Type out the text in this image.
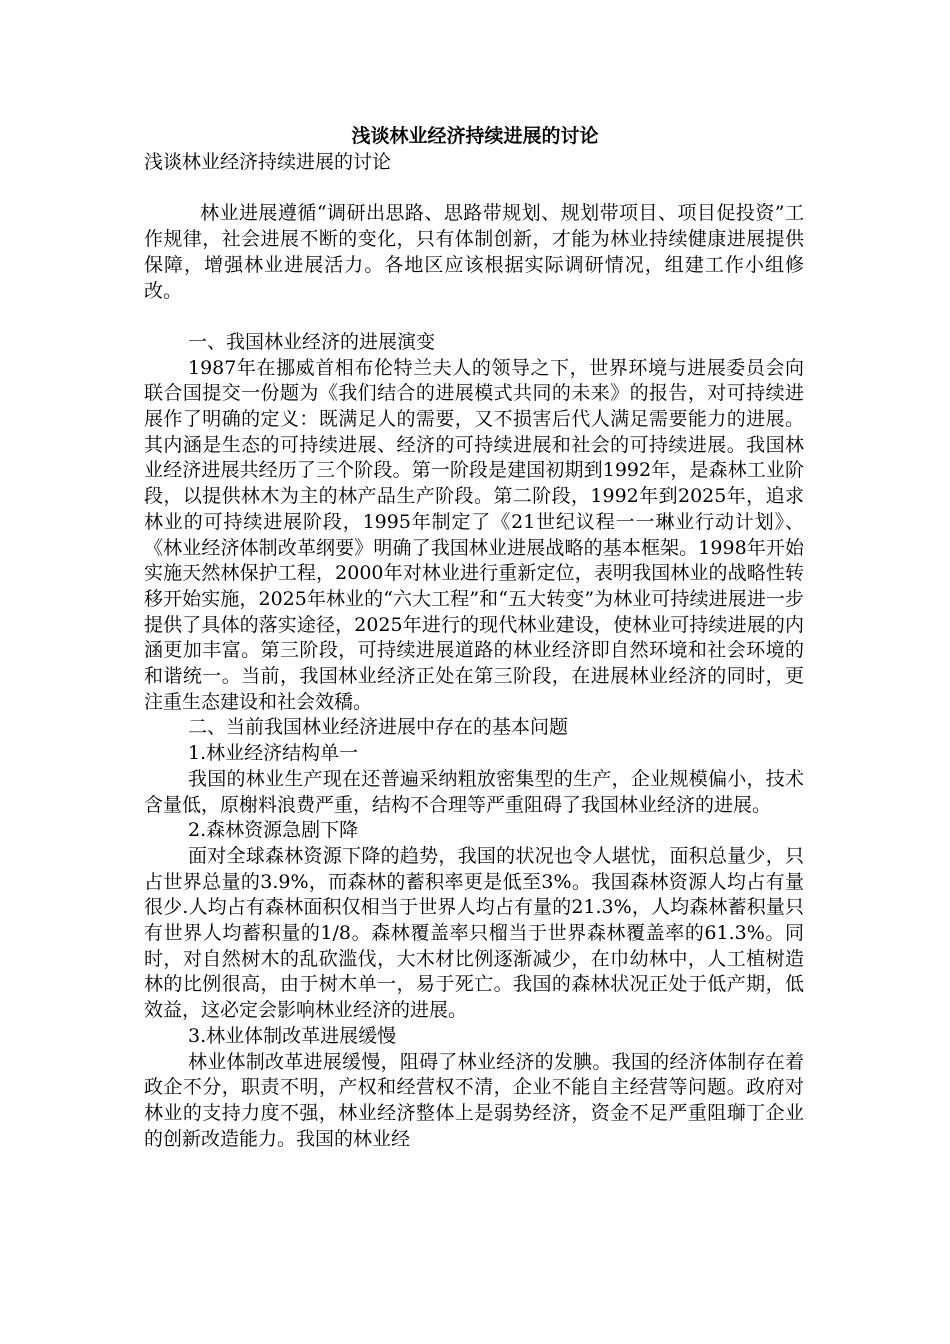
浅谈林业经济持续进展的讨论

浅谈林业经济持续进展的讨论

林业进展遵循“调研出思路、思路带规划、规划带项目、项目促投资”工作规律，社会进展不断的变化，只有体制创新，才能为林业持续健康进展提供保障，增强林业进展活力。各地区应该根据实际调研情况，组建工作小组修改。

一、我国林业经济的进展演变

1987年在挪威首相布伦特兰夫人的领导之下，世界环境与进展委员会向联合国提交一份题为《我们结合的进展模式共同的未来》的报告，对可持续进展作了明确的定义：既满足人的需要，又不损害后代人满足需要能力的进展。其内涵是生态的可持续进展、经济的可持续进展和社会的可持续进展。我国林业经济进展共经历了三个阶段。第一阶段是建国初期到1992年，是森林工业阶段，以提供林木为主的林产品生产阶段。第二阶段，1992年到2025年，追求林业的可持续进展阶段，1995年制定了《21世纪议程一一琳业行动计划》、《林业经济体制改革纲要》明确了我国林业进展战略的基本框架。1998年开始实施天然林保护工程，2000年对林业进行重新定位，表明我国林业的战略性转移开始实施，2025年林业的“六大工程”和“五大转变”为林业可持续进展进一步提供了具体的落实途径，2025年进行的现代林业建设，使林业可持续进展的内涵更加丰富。第三阶段，可持续进展道路的林业经济即自然环境和社会环境的和谐统一。当前，我国林业经济正处在第三阶段，在进展林业经济的同时，更注重生态建设和社会效穚。

二、当前我国林业经济进展中存在的基本问题

1.林业经济结构单一

我国的林业生产现在还普遍采纳粗放密集型的生产，企业规模偏小，技术含量低，原榭料浪费严重，结构不合理等严重阻碍了我国林业经济的进展。

2.森林资源急剧下降

面对全球森林资源下降的趋势，我国的状况也令人堪忧，面积总量少，只占世界总量的3.9%，而森林的蓄积率更是低至3%。我国森林资源人均占有量很少.人均占有森林面积仅相当于世界人均占有量的21.3%，人均森林蓄积量只有世界人均蓄积量的1/8。森林覆盖率只榴当于世界森林覆盖率的61.3%。同时，对自然树木的乱砍滥伐，大木材比例逐渐减少，在巾幼林中，人工植树造林的比例很高，由于树木单一，易于死亡。我国的森林状况正处于低产期，低效益，这必定会影响林业经济的进展。

3.林业体制改革进展缓慢

林业体制改革进展缓慢，阻碍了林业经济的发腆。我国的经济体制存在着政企不分，职责不明，产权和经营权不清，企业不能自主经营等问题。政府对林业的支持力度不强，林业经济整体上是弱势经济，资金不足严重阻瑡丁企业的创新改造能力。我国的林业经
